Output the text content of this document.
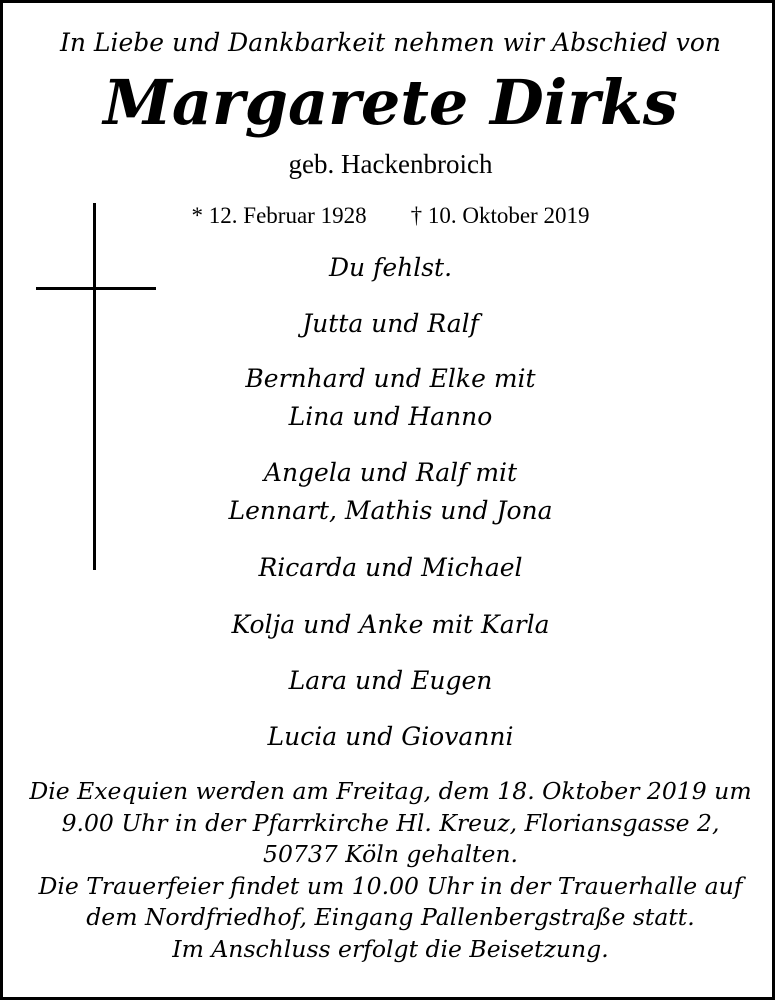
In Liebe und Dankbarkeit nehmen wir Abschied von
Margarete Dirks
geb. Hackenbroich
* 12. Februar 1928 † 10. Oktober 2019
Du fehlst.
Jutta und Ralf
Bernhard und Elke mit
Lina und Hanno
Angela und Ralf mit
Lennart, Mathis und Jona
Ricarda und Michael
Kolja und Anke mit Karla
Lara und Eugen
Lucia und Giovanni
Die Exequien werden am Freitag, dem 18. Oktober 2019 um
9.00 Uhr in der Pfarrkirche Hl. Kreuz, Floriansgasse 2,
50737 Köln gehalten.
Die Trauerfeier findet um 10.00 Uhr in der Trauerhalle auf
dem Nordfriedhof, Eingang Pallenbergstraße statt.
Im Anschluss erfolgt die Beisetzung.
